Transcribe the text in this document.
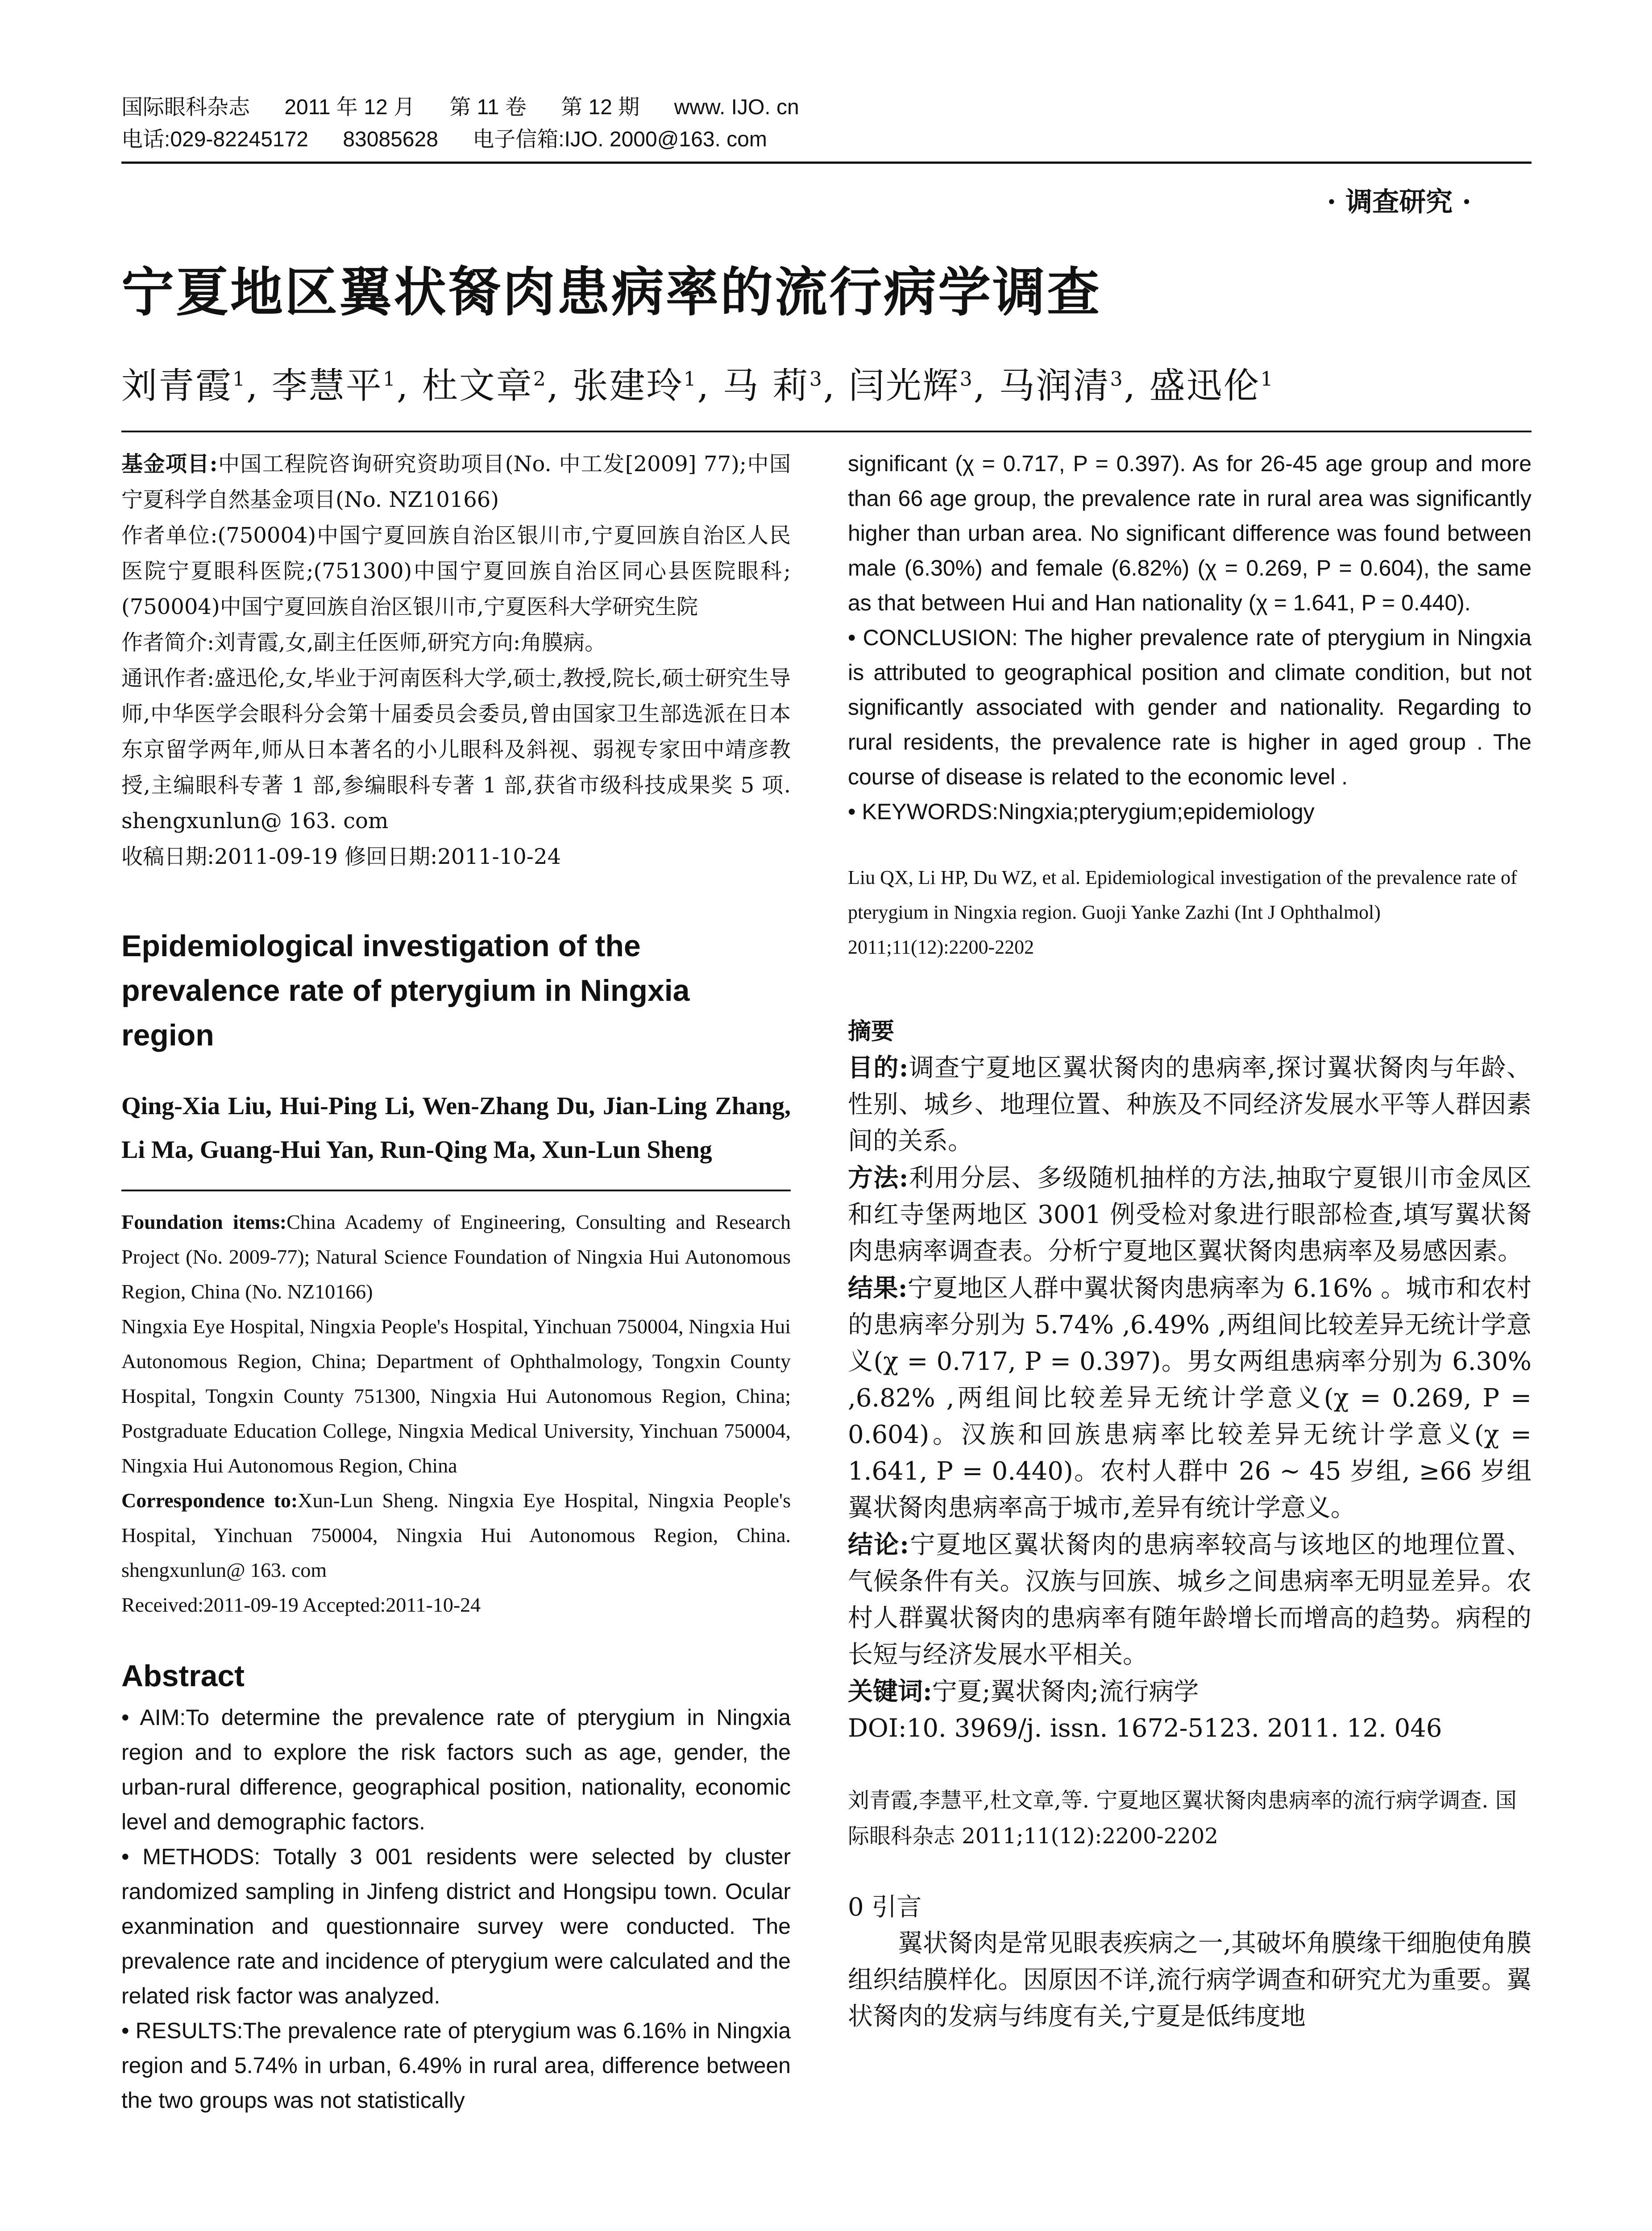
国际眼科杂志 2011 年 12 月 第 11 卷 第 12 期 www. IJO. cn
电话:029-82245172 83085628 电子信箱:IJO. 2000@163. com
· 调查研究 ·
宁夏地区翼状胬肉患病率的流行病学调查
刘青霞$^1$, 李慧平$^1$, 杜文章$^2$, 张建玲$^1$, 马 莉$^3$, 闫光辉$^3$, 马润清$^3$, 盛迅伦$^1$

基金项目:中国工程院咨询研究资助项目(No. 中工发[2009] 77);中国宁夏科学自然基金项目(No. NZ10166)

作者单位:(750004)中国宁夏回族自治区银川市,宁夏回族自治区人民医院宁夏眼科医院;(751300)中国宁夏回族自治区同心县医院眼科;(750004)中国宁夏回族自治区银川市,宁夏医科大学研究生院

作者简介:刘青霞,女,副主任医师,研究方向:角膜病。

通讯作者:盛迅伦,女,毕业于河南医科大学,硕士,教授,院长,硕士研究生导师,中华医学会眼科分会第十届委员会委员,曾由国家卫生部选派在日本东京留学两年,师从日本著名的小儿眼科及斜视、弱视专家田中靖彦教授,主编眼科专著 1 部,参编眼科专著 1 部,获省市级科技成果奖 5 项. shengxunlun@ 163. com

收稿日期:2011-09-19 修回日期:2011-10-24

Epidemiological investigation of the prevalence rate of pterygium in Ningxia region
Qing-Xia Liu, Hui-Ping Li, Wen-Zhang Du, Jian-Ling Zhang, Li Ma, Guang-Hui Yan, Run-Qing Ma, Xun-Lun Sheng

Foundation items:China Academy of Engineering, Consulting and Research Project (No. 2009-77); Natural Science Foundation of Ningxia Hui Autonomous Region, China (No. NZ10166)

Ningxia Eye Hospital, Ningxia People's Hospital, Yinchuan 750004, Ningxia Hui Autonomous Region, China; Department of Ophthalmology, Tongxin County Hospital, Tongxin County 751300, Ningxia Hui Autonomous Region, China; Postgraduate Education College, Ningxia Medical University, Yinchuan 750004, Ningxia Hui Autonomous Region, China

Correspondence to:Xun-Lun Sheng. Ningxia Eye Hospital, Ningxia People's Hospital, Yinchuan 750004, Ningxia Hui Autonomous Region, China. shengxunlun@ 163. com

Received:2011-09-19 Accepted:2011-10-24

Abstract

• AIM:To determine the prevalence rate of pterygium in Ningxia region and to explore the risk factors such as age, gender, the urban-rural difference, geographical position, nationality, economic level and demographic factors.

• METHODS: Totally 3 001 residents were selected by cluster randomized sampling in Jinfeng district and Hongsipu town. Ocular exanmination and questionnaire survey were conducted. The prevalence rate and incidence of pterygium were calculated and the related risk factor was analyzed.

• RESULTS:The prevalence rate of pterygium was 6.16% in Ningxia region and 5.74% in urban, 6.49% in rural area, difference between the two groups was not statistically

significant (χ = 0.717, P = 0.397). As for 26-45 age group and more than 66 age group, the prevalence rate in rural area was significantly higher than urban area. No significant difference was found between male (6.30%) and female (6.82%) (χ = 0.269, P = 0.604), the same as that between Hui and Han nationality (χ = 1.641, P = 0.440).

• CONCLUSION: The higher prevalence rate of pterygium in Ningxia is attributed to geographical position and climate condition, but not significantly associated with gender and nationality. Regarding to rural residents, the prevalence rate is higher in aged group . The course of disease is related to the economic level .

• KEYWORDS:Ningxia;pterygium;epidemiology

Liu QX, Li HP, Du WZ, et al. Epidemiological investigation of the prevalence rate of pterygium in Ningxia region. Guoji Yanke Zazhi (Int J Ophthalmol) 2011;11(12):2200-2202

摘要

目的:调查宁夏地区翼状胬肉的患病率,探讨翼状胬肉与年龄、性别、城乡、地理位置、种族及不同经济发展水平等人群因素间的关系。

方法:利用分层、多级随机抽样的方法,抽取宁夏银川市金凤区和红寺堡两地区 3001 例受检对象进行眼部检查,填写翼状胬肉患病率调查表。分析宁夏地区翼状胬肉患病率及易感因素。

结果:宁夏地区人群中翼状胬肉患病率为 6.16% 。城市和农村的患病率分别为 5.74% ,6.49% ,两组间比较差异无统计学意义(χ = 0.717, P = 0.397)。男女两组患病率分别为 6.30% ,6.82% ,两组间比较差异无统计学意义(χ = 0.269, P = 0.604)。汉族和回族患病率比较差异无统计学意义(χ = 1.641, P = 0.440)。农村人群中 26 ~ 45 岁组, ≥66 岁组翼状胬肉患病率高于城市,差异有统计学意义。

结论:宁夏地区翼状胬肉的患病率较高与该地区的地理位置、气候条件有关。汉族与回族、城乡之间患病率无明显差异。农村人群翼状胬肉的患病率有随年龄增长而增高的趋势。病程的长短与经济发展水平相关。

关键词:宁夏;翼状胬肉;流行病学

DOI:10. 3969/j. issn. 1672-5123. 2011. 12. 046

刘青霞,李慧平,杜文章,等. 宁夏地区翼状胬肉患病率的流行病学调查. 国际眼科杂志 2011;11(12):2200-2202

0 引言

翼状胬肉是常见眼表疾病之一,其破坏角膜缘干细胞使角膜组织结膜样化。因原因不详,流行病学调查和研究尤为重要。翼状胬肉的发病与纬度有关,宁夏是低纬度地
